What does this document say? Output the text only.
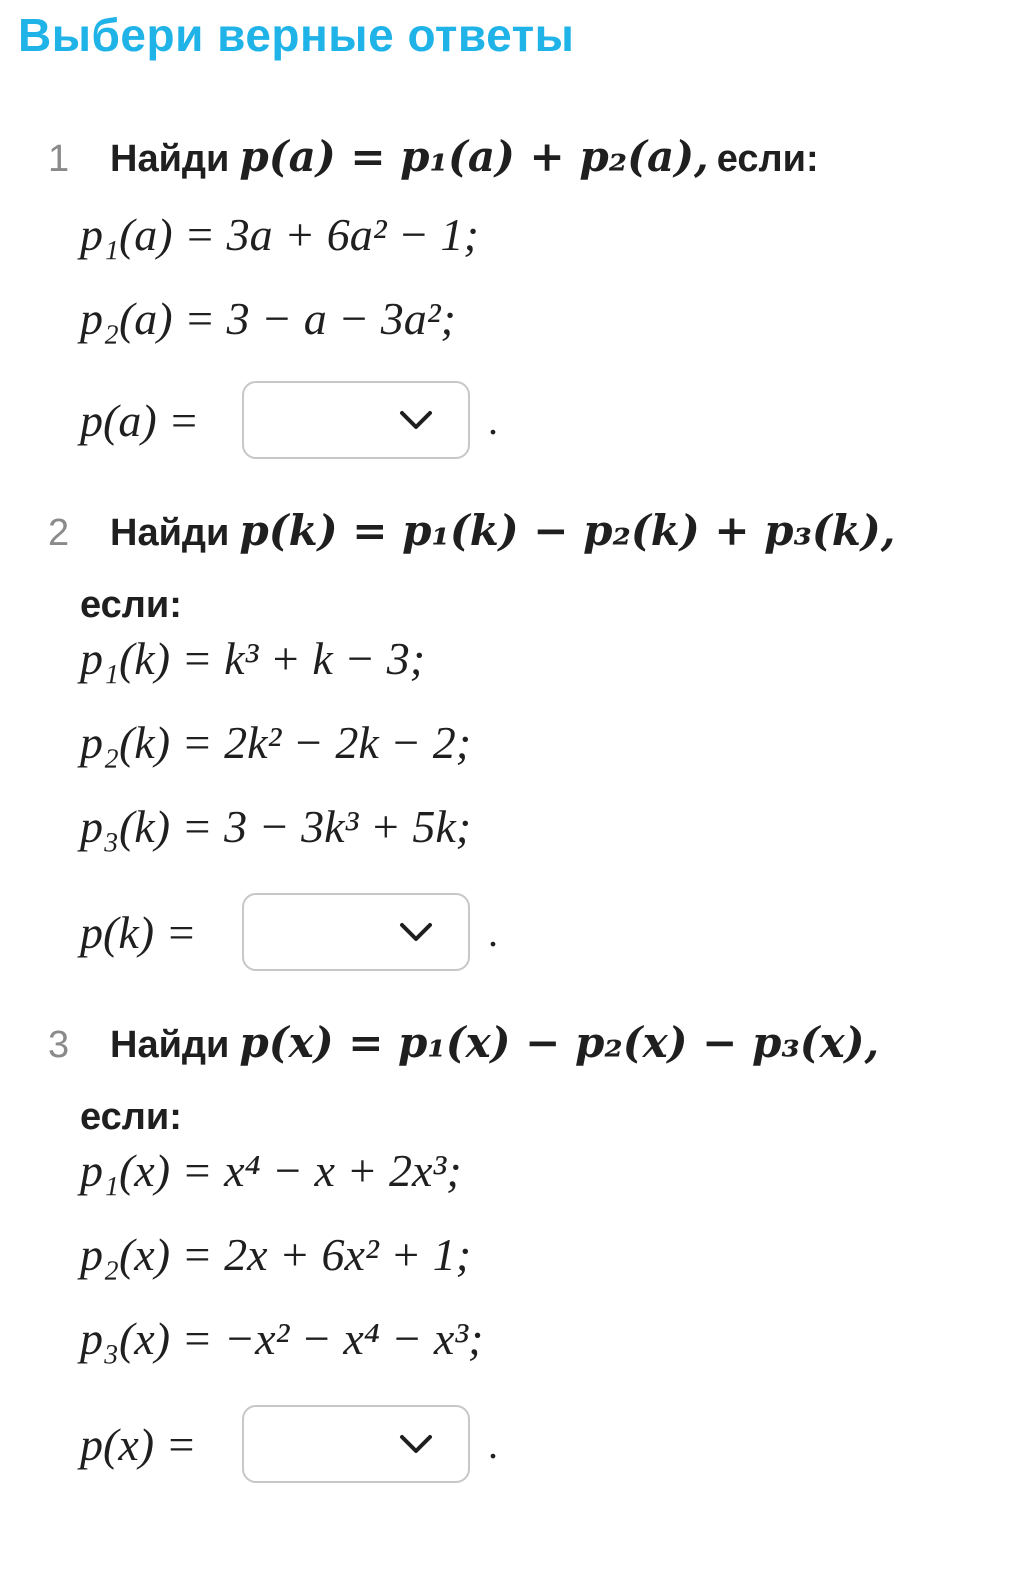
Выбери верные ответы
1	Найди p(a) = p₁(a) + p₂(a), если:
p₁(a) = 3a + 6a² − 1;
p₂(a) = 3 − a − 3a²;
p(a) =	.
2	Найди p(k) = p₁(k) − p₂(k) + p₃(k),
если:
p₁(k) = k³ + k − 3;
p₂(k) = 2k² − 2k − 2;
p₃(k) = 3 − 3k³ + 5k;
p(k) =	.
3	Найди p(x) = p₁(x) − p₂(x) − p₃(x),
если:
p₁(x) = x⁴ − x + 2x³;
p₂(x) = 2x + 6x² + 1;
p₃(x) = −x² − x⁴ − x³;
p(x) =	.
